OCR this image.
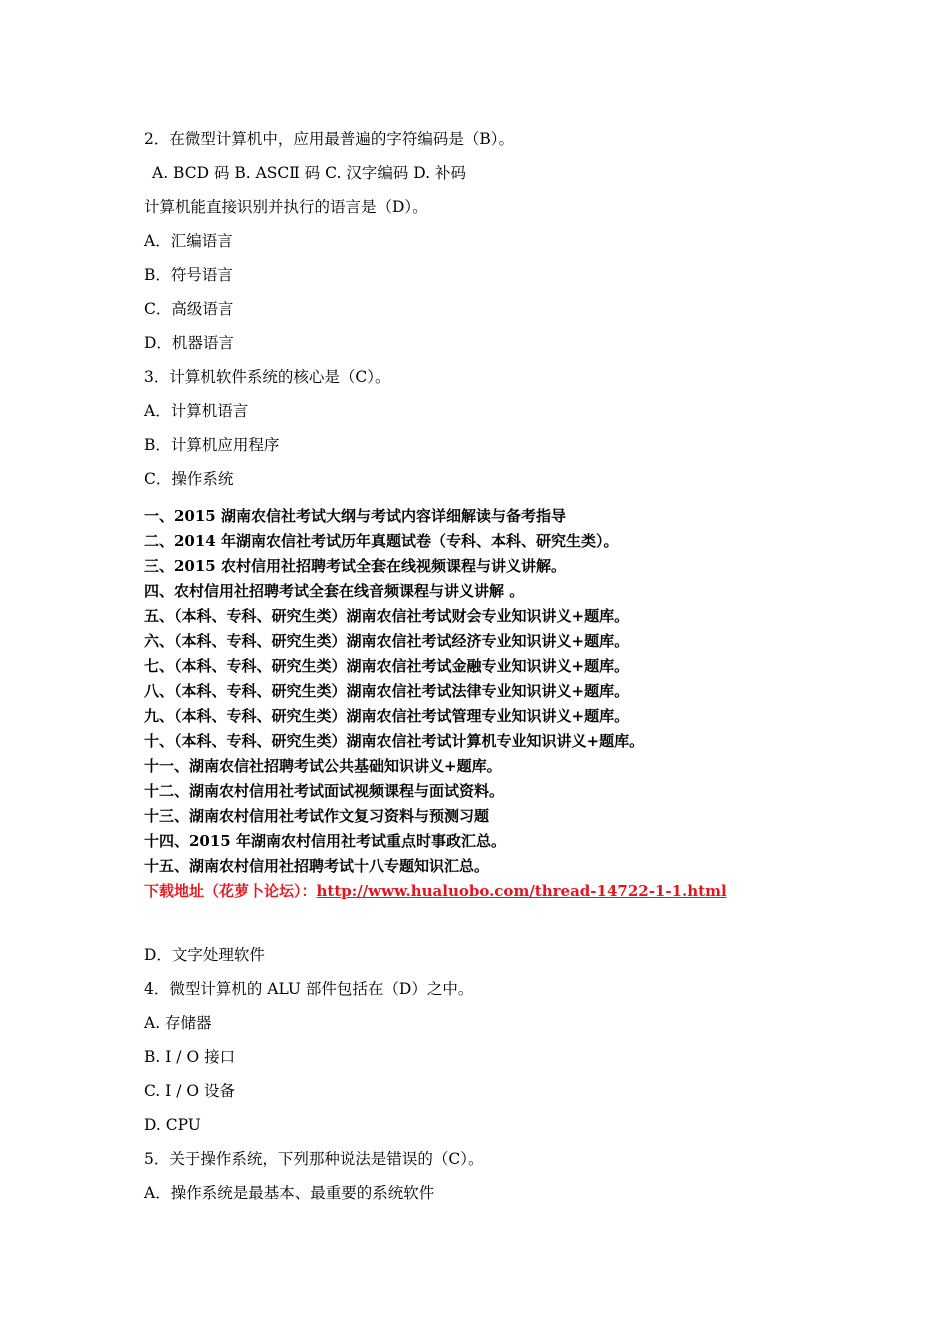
2．在微型计算机中，应用最普遍的字符编码是（B）。
A. BCD 码 B. ASCⅡ 码 C. 汉字编码 D. 补码
计算机能直接识别并执行的语言是（D）。
A．汇编语言
B．符号语言
C．高级语言
D．机器语言
3．计算机软件系统的核心是（C）。
A．计算机语言
B．计算机应用程序
C．操作系统
一、2015 湖南农信社考试大纲与考试内容详细解读与备考指导
二、2014 年湖南农信社考试历年真题试卷（专科、本科、研究生类）。
三、2015 农村信用社招聘考试全套在线视频课程与讲义讲解。
四、农村信用社招聘考试全套在线音频课程与讲义讲解 。
五、（本科、专科、研究生类）湖南农信社考试财会专业知识讲义+题库。
六、（本科、专科、研究生类）湖南农信社考试经济专业知识讲义+题库。
七、（本科、专科、研究生类）湖南农信社考试金融专业知识讲义+题库。
八、（本科、专科、研究生类）湖南农信社考试法律专业知识讲义+题库。
九、（本科、专科、研究生类）湖南农信社考试管理专业知识讲义+题库。
十、（本科、专科、研究生类）湖南农信社考试计算机专业知识讲义+题库。
十一、湖南农信社招聘考试公共基础知识讲义+题库。
十二、湖南农村信用社考试面试视频课程与面试资料。
十三、湖南农村信用社考试作文复习资料与预测习题
十四、2015 年湖南农村信用社考试重点时事政汇总。
十五、湖南农村信用社招聘考试十八专题知识汇总。
下载地址（花萝卜论坛）：http://www.hualuobo.com/thread-14722-1-1.html
D．文字处理软件
4．微型计算机的 ALU 部件包括在（D）之中。
A. 存储器
B. I / O 接口
C. I / O 设备
D. CPU
5．关于操作系统，下列那种说法是错误的（C）。
A．操作系统是最基本、最重要的系统软件
